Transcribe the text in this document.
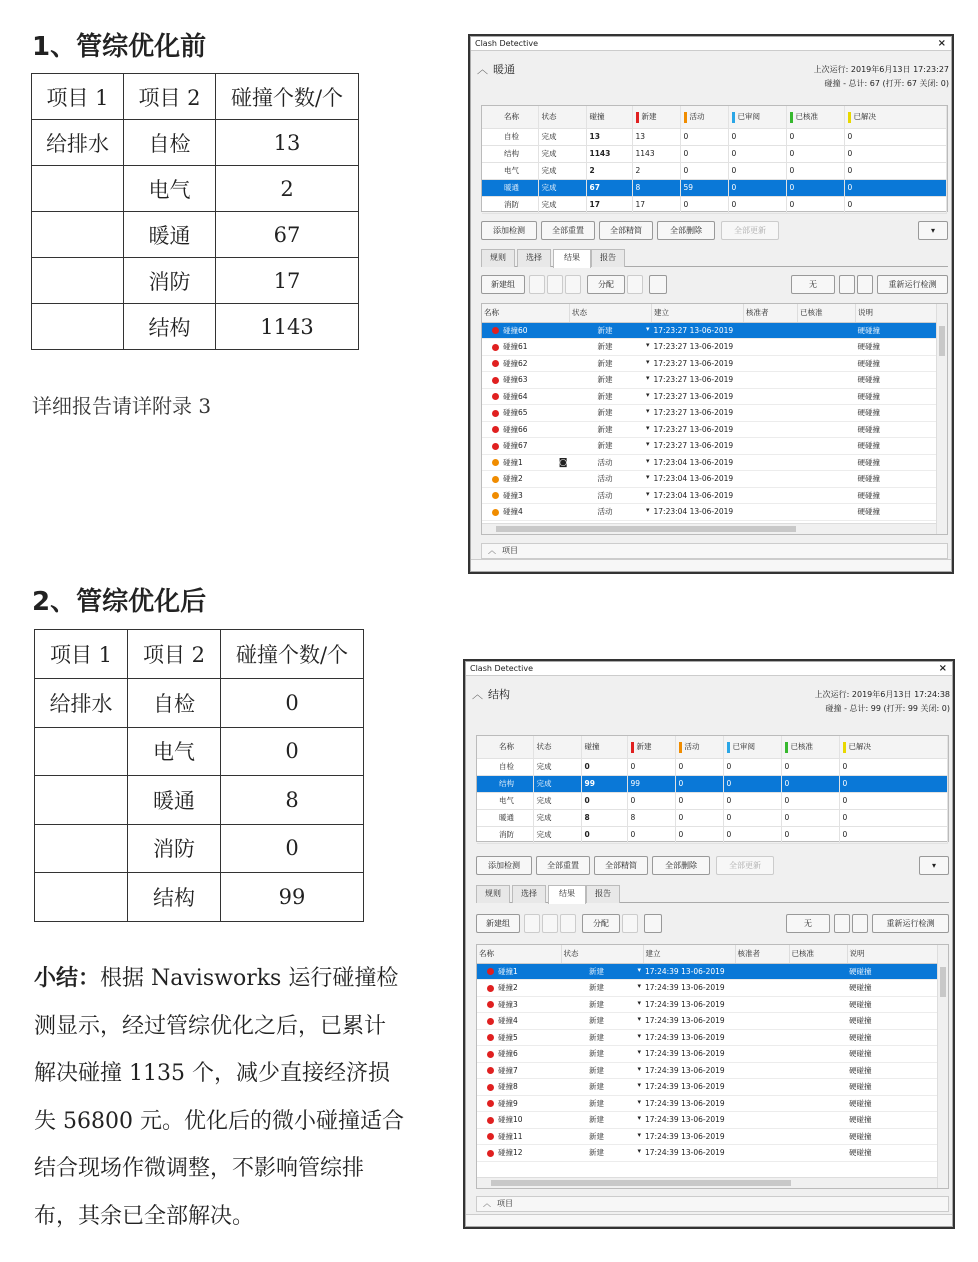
1、管综优化前
项目 1	项目 2	碰撞个数/个
给排水	自检	13
	电气	2
	暖通	67
	消防	17
	结构	1143
详细报告请详附录 3
2、管综优化后
项目 1	项目 2	碰撞个数/个
给排水	自检	0
	电气	0
	暖通	8
	消防	0
	结构	99
小结：根据 Navisworks 运行碰撞检测显示，经过管综优化之后，已累计解决碰撞 1135 个，减少直接经济损失 56800 元。优化后的微小碰撞适合结合现场作微调整，不影响管综排布，其余已全部解决。
Clash Detective	×
︿ 暖通	上次运行: 2019年6月13日 17:23:27
碰撞 - 总计: 67 (打开: 67 关闭: 0)
名称	状态	碰撞	新建	活动	已审阅	已核准	已解决
自检	完成	13	13	0	0	0	0
结构	完成	1143	1143	0	0	0	0
电气	完成	2	2	0	0	0	0
暖通	完成	67	8	59	0	0	0
消防	完成	17	17	0	0	0	0
添加检测	全部重置	全部精简	全部删除	全部更新	▾
规则	选择	结果	报告
新建组	分配	无	重新运行检测
名称	状态	建立	核准者	已核准	说明
碰撞60	新建 ▾	17:23:27 13-06-2019			硬碰撞
碰撞61	新建 ▾	17:23:27 13-06-2019			硬碰撞
碰撞62	新建 ▾	17:23:27 13-06-2019			硬碰撞
碰撞63	新建 ▾	17:23:27 13-06-2019			硬碰撞
碰撞64	新建 ▾	17:23:27 13-06-2019			硬碰撞
碰撞65	新建 ▾	17:23:27 13-06-2019			硬碰撞
碰撞66	新建 ▾	17:23:27 13-06-2019			硬碰撞
碰撞67	新建 ▾	17:23:27 13-06-2019			硬碰撞
碰撞1 ◙	活动 ▾	17:23:04 13-06-2019			硬碰撞
碰撞2	活动 ▾	17:23:04 13-06-2019			硬碰撞
碰撞3	活动 ▾	17:23:04 13-06-2019			硬碰撞
碰撞4	活动 ▾	17:23:04 13-06-2019			硬碰撞
︿ 项目
Clash Detective	×
︿ 结构	上次运行: 2019年6月13日 17:24:38
碰撞 - 总计: 99 (打开: 99 关闭: 0)
名称	状态	碰撞	新建	活动	已审阅	已核准	已解决
自检	完成	0	0	0	0	0	0
结构	完成	99	99	0	0	0	0
电气	完成	0	0	0	0	0	0
暖通	完成	8	8	0	0	0	0
消防	完成	0	0	0	0	0	0
添加检测	全部重置	全部精简	全部删除	全部更新	▾
规则	选择	结果	报告
新建组	分配	无	重新运行检测
名称	状态	建立	核准者	已核准	说明
碰撞1	新建 ▾	17:24:39 13-06-2019			硬碰撞
碰撞2	新建 ▾	17:24:39 13-06-2019			硬碰撞
碰撞3	新建 ▾	17:24:39 13-06-2019			硬碰撞
碰撞4	新建 ▾	17:24:39 13-06-2019			硬碰撞
碰撞5	新建 ▾	17:24:39 13-06-2019			硬碰撞
碰撞6	新建 ▾	17:24:39 13-06-2019			硬碰撞
碰撞7	新建 ▾	17:24:39 13-06-2019			硬碰撞
碰撞8	新建 ▾	17:24:39 13-06-2019			硬碰撞
碰撞9	新建 ▾	17:24:39 13-06-2019			硬碰撞
碰撞10	新建 ▾	17:24:39 13-06-2019			硬碰撞
碰撞11	新建 ▾	17:24:39 13-06-2019			硬碰撞
碰撞12	新建 ▾	17:24:39 13-06-2019			硬碰撞
︿ 项目
